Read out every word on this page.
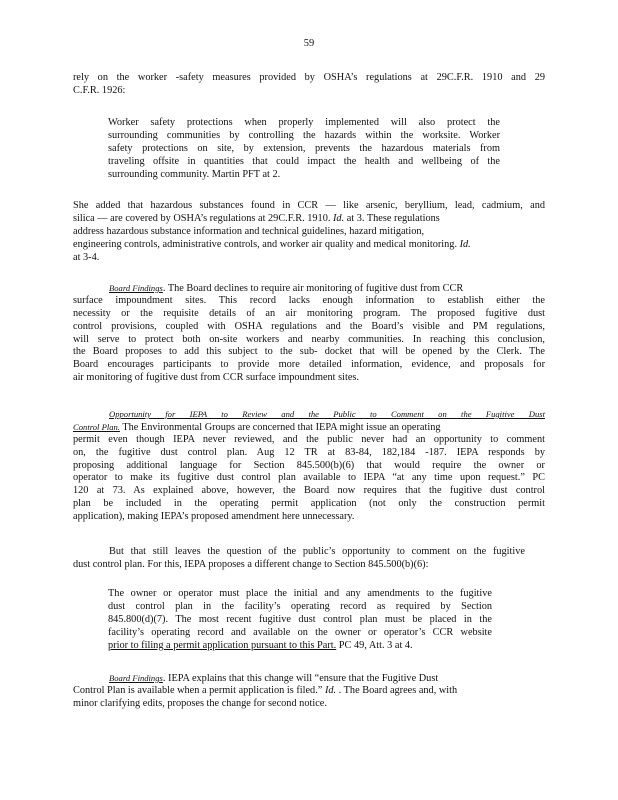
59
rely on the worker -safety measures provided by OSHA’s regulations at 29C.F.R. 1910 and 29
C.F.R. 1926:
Worker safety protections when properly implemented will also protect the
surrounding communities by controlling the hazards within the worksite. Worker
safety protections on site, by extension, prevents the hazardous materials from
traveling offsite in quantities that could impact the health and wellbeing of the
surrounding community. Martin PFT at 2.
She added that hazardous substances found in CCR — like arsenic, beryllium, lead, cadmium, and
silica — are covered by OSHA’s regulations at 29C.F.R. 1910. Id. at 3. These regulations
address hazardous substance information and technical guidelines, hazard mitigation,
engineering controls, administrative controls, and worker air quality and medical monitoring. Id.
at 3-4.
Board Findings. The Board declines to require air monitoring of fugitive dust from CCR
surface impoundment sites. This record lacks enough information to establish either the
necessity or the requisite details of an air monitoring program. The proposed fugitive dust
control provisions, coupled with OSHA regulations and the Board’s visible and PM regulations,
will serve to protect both on-site workers and nearby communities. In reaching this conclusion,
the Board proposes to add this subject to the sub- docket that will be opened by the Clerk. The
Board encourages participants to provide more detailed information, evidence, and proposals for
air monitoring of fugitive dust from CCR surface impoundment sites.
Opportunity for IEPA to Review and the Public to Comment on the Fugitive Dust
Control Plan. The Environmental Groups are concerned that IEPA might issue an operating
permit even though IEPA never reviewed, and the public never had an opportunity to comment
on, the fugitive dust control plan. Aug 12 TR at 83-84, 182,184 -187. IEPA responds by
proposing additional language for Section 845.500(b)(6) that would require the owner or
operator to make its fugitive dust control plan available to IEPA “at any time upon request.” PC
120 at 73. As explained above, however, the Board now requires that the fugitive dust control
plan be included in the operating permit application (not only the construction permit
application), making IEPA’s proposed amendment here unnecessary.
But that still leaves the question of the public’s opportunity to comment on the fugitive
dust control plan. For this, IEPA proposes a different change to Section 845.500(b)(6):
The owner or operator must place the initial and any amendments to the fugitive
dust control plan in the facility’s operating record as required by Section
845.800(d)(7). The most recent fugitive dust control plan must be placed in the
facility’s operating record and available on the owner or operator’s CCR website
prior to filing a permit application pursuant to this Part. PC 49, Att. 3 at 4.
Board Findings. IEPA explains that this change will “ensure that the Fugitive Dust
Control Plan is available when a permit application is filed.” Id. . The Board agrees and, with
minor clarifying edits, proposes the change for second notice.
